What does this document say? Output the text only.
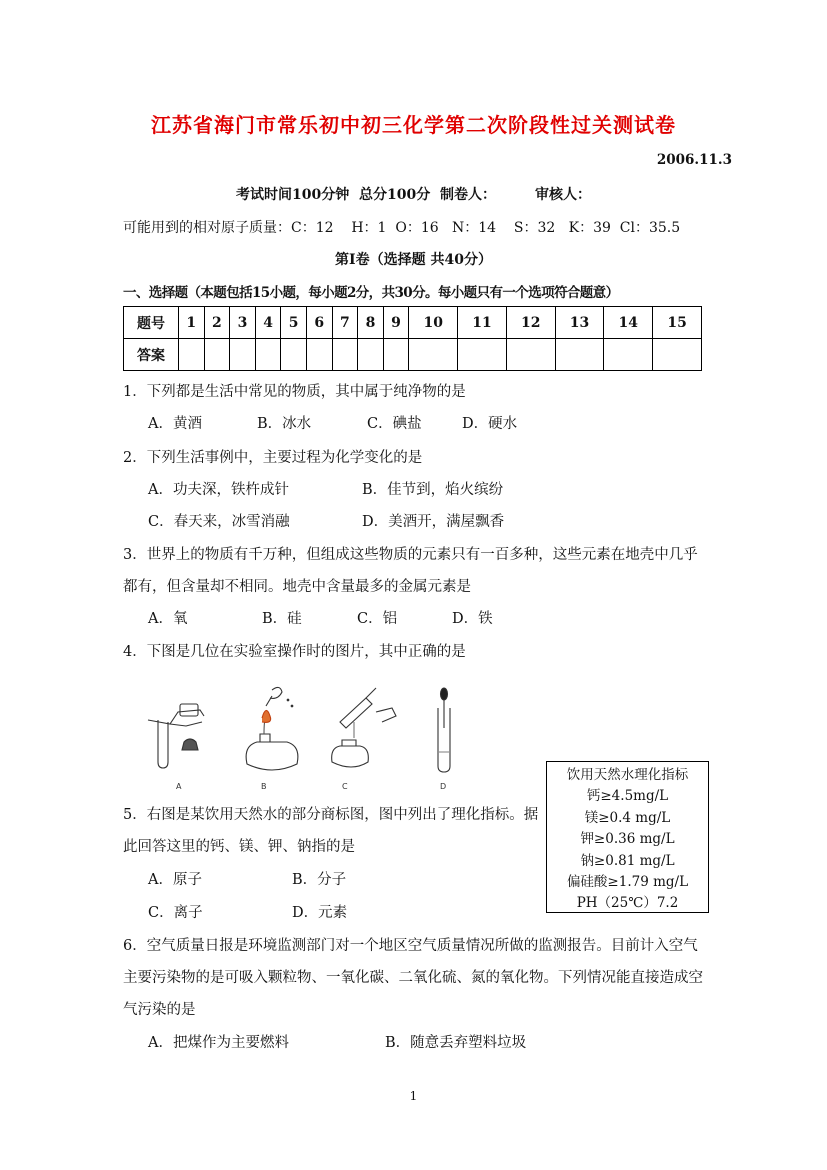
江苏省海门市常乐初中初三化学第二次阶段性过关测试卷
2006.11.3
考试时间100分钟  总分100分  制卷人：        审核人：
可能用到的相对原子质量：C：12    H：1  O：16   N：14    S：32   K：39  Cl：35.5
第Ⅰ卷（选择题 共40分）
一、选择题（本题包括15小题，每小题2分，共30分。每小题只有一个选项符合题意）
题号	1	2	3	4	5	6	7	8	9	10	11	12	13	14	15
答案															
1．下列都是生活中常见的物质，其中属于纯净物的是
A．黄酒	B．冰水	C．碘盐	D．硬水
2．下列生活事例中，主要过程为化学变化的是
A．功夫深，铁杵成针	B．佳节到，焰火缤纷
C．春天来，冰雪消融	D．美酒开，满屋飘香
3．世界上的物质有千万种，但组成这些物质的元素只有一百多种，这些元素在地壳中几乎
都有，但含量却不相同。地壳中含量最多的金属元素是
A．氧	B．硅	C．铝	D．铁
4．下图是几位在实验室操作时的图片，其中正确的是
A	B	C	D
饮用天然水理化指标
钙≥4.5mg/L
镁≥0.4 mg/L
钾≥0.36 mg/L
钠≥0.81 mg/L
偏硅酸≥1.79 mg/L
PH（25℃）7.2
5．右图是某饮用天然水的部分商标图，图中列出了理化指标。据
此回答这里的钙、镁、钾、钠指的是
A．原子	B．分子
C．离子	D．元素
6．空气质量日报是环境监测部门对一个地区空气质量情况所做的监测报告。目前计入空气
主要污染物的是可吸入颗粒物、一氧化碳、二氧化硫、氮的氧化物。下列情况能直接造成空
气污染的是
A．把煤作为主要燃料	B．随意丢弃塑料垃圾
1
